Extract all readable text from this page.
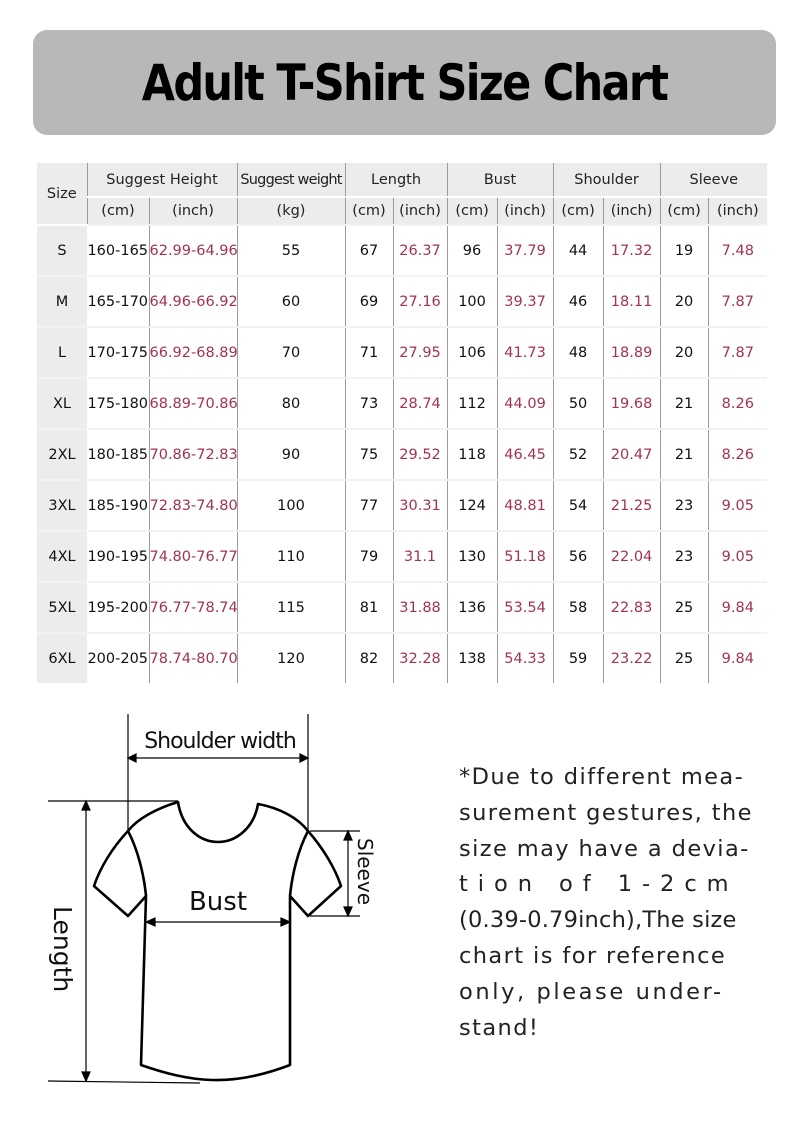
Adult T-Shirt Size Chart
Size	Suggest Height		Suggest weight	Length		Bust		Shoulder		Sleeve	
	(cm)	(inch)	(kg)	(cm)	(inch)	(cm)	(inch)	(cm)	(inch)	(cm)	(inch)
S	160-165	62.99-64.96	55	67	26.37	96	37.79	44	17.32	19	7.48
M	165-170	64.96-66.92	60	69	27.16	100	39.37	46	18.11	20	7.87
L	170-175	66.92-68.89	70	71	27.95	106	41.73	48	18.89	20	7.87
XL	175-180	68.89-70.86	80	73	28.74	112	44.09	50	19.68	21	8.26
2XL	180-185	70.86-72.83	90	75	29.52	118	46.45	52	20.47	21	8.26
3XL	185-190	72.83-74.80	100	77	30.31	124	48.81	54	21.25	23	9.05
4XL	190-195	74.80-76.77	110	79	31.1	130	51.18	56	22.04	23	9.05
5XL	195-200	76.77-78.74	115	81	31.88	136	53.54	58	22.83	25	9.84
6XL	200-205	78.74-80.70	120	82	32.28	138	54.33	59	23.22	25	9.84
Shoulder width
Bust	Sleeve
Length
*Due to different mea-
surement gestures, the
size may have a devia-
t i o n   o f   1 - 2 c m
(0.39-0.79inch),The size
chart is for reference
only, please under-
stand!
